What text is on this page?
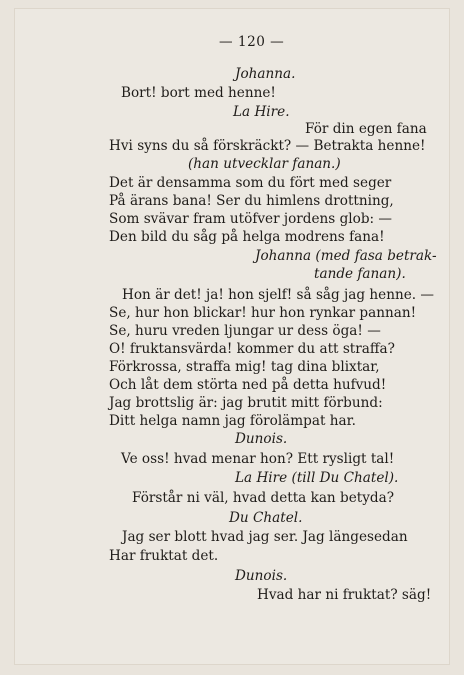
— 120 —
Johanna.
Bort! bort med henne!
La Hire.
För din egen fana
Hvi syns du så förskräckt? — Betrakta henne!
(han utvecklar fanan.)
Det är densamma som du fört med seger
På ärans bana! Ser du himlens drottning,
Som svävar fram utöfver jordens glob: —
Den bild du såg på helga modrens fana!
Johanna (med fasa betrak-
tande fanan).
Hon är det! ja! hon sjelf! så såg jag henne. —
Se, hur hon blickar! hur hon rynkar pannan!
Se, huru vreden ljungar ur dess öga! —
O! fruktansvärda! kommer du att straffa?
Förkrossa, straffa mig! tag dina blixtar,
Och låt dem störta ned på detta hufvud!
Jag brottslig är: jag brutit mitt förbund:
Ditt helga namn jag förolämpat har.
Dunois.
Ve oss! hvad menar hon? Ett rysligt tal!
La Hire (till Du Chatel).
Förstår ni väl, hvad detta kan betyda?
Du Chatel.
Jag ser blott hvad jag ser. Jag längesedan
Har fruktat det.
Dunois.
Hvad har ni fruktat? säg!
